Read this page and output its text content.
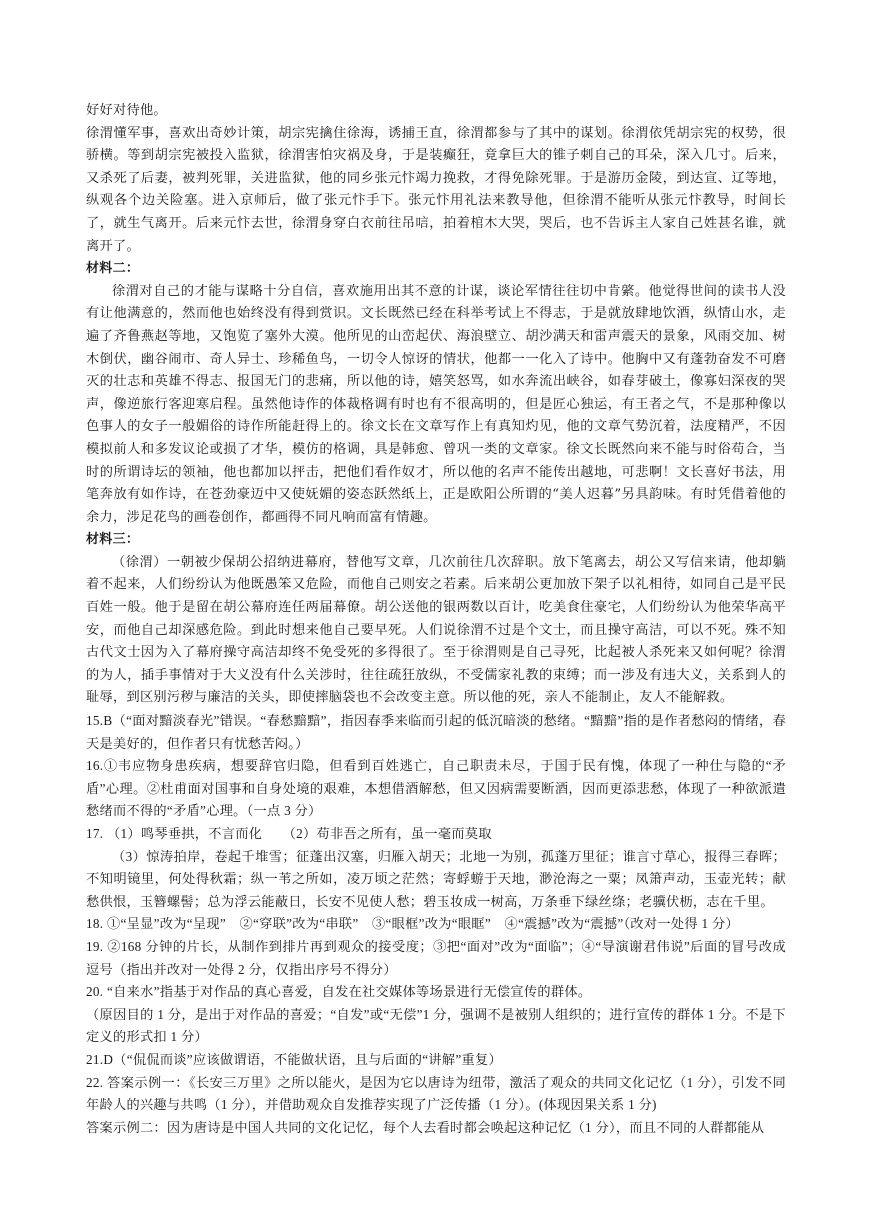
好好对待他。

徐渭懂军事，喜欢出奇妙计策，胡宗宪擒住徐海，诱捕王直，徐渭都参与了其中的谋划。徐渭依凭胡宗宪的权势，很骄横。等到胡宗宪被投入监狱，徐渭害怕灾祸及身，于是装癫狂，竟拿巨大的锥子刺自己的耳朵，深入几寸。后来，又杀死了后妻，被判死罪，关进监狱，他的同乡张元忭竭力挽救，才得免除死罪。于是游历金陵，到达宣、辽等地，纵观各个边关险塞。进入京师后，做了张元忭手下。张元忭用礼法来教导他，但徐渭不能听从张元忭教导，时间长了，就生气离开。后来元忭去世，徐渭身穿白衣前往吊唁，拍着棺木大哭，哭后，也不告诉主人家自己姓甚名谁，就离开了。

材料二：

徐渭对自己的才能与谋略十分自信，喜欢施用出其不意的计谋，谈论军情往往切中肯綮。他觉得世间的读书人没有让他满意的，然而他也始终没有得到赏识。文长既然已经在科举考试上不得志，于是就放肆地饮酒，纵情山水，走遍了齐鲁燕赵等地，又饱览了塞外大漠。他所见的山峦起伏、海浪壁立、胡沙满天和雷声震天的景象，风雨交加、树木倒伏，幽谷闹市、奇人异士、珍稀鱼鸟，一切令人惊讶的情状，他都一一化入了诗中。他胸中又有蓬勃奋发不可磨灭的壮志和英雄不得志、报国无门的悲痛，所以他的诗，嬉笑怒骂，如水奔流出峡谷，如春芽破土，像寡妇深夜的哭声，像逆旅行客迎寒启程。虽然他诗作的体裁格调有时也有不很高明的，但是匠心独运，有王者之气，不是那种像以色事人的女子一般媚俗的诗作所能赶得上的。徐文长在文章写作上有真知灼见，他的文章气势沉着，法度精严，不因模拟前人和多发议论或损了才华，模仿的格调，具是韩愈、曾巩一类的文章家。徐文长既然向来不能与时俗苟合，当时的所谓诗坛的领袖，他也都加以抨击，把他们看作奴才，所以他的名声不能传出越地，可悲啊！文长喜好书法，用笔奔放有如作诗，在苍劲豪迈中又使妩媚的姿态跃然纸上，正是欧阳公所谓的“美人迟暮”另具韵味。有时凭借着他的余力，涉足花鸟的画卷创作，都画得不同凡响而富有情趣。

材料三：

（徐渭）一朝被少保胡公招纳进幕府，替他写文章，几次前往几次辞职。放下笔离去，胡公又写信来请，他却躺着不起来，人们纷纷认为他既愚笨又危险，而他自己则安之若素。后来胡公更加放下架子以礼相待，如同自己是平民百姓一般。他于是留在胡公幕府连任两届幕僚。胡公送他的银两数以百计，吃美食住豪宅，人们纷纷认为他荣华高平安，而他自己却深感危险。到此时想来他自己要早死。人们说徐渭不过是个文士，而且操守高洁，可以不死。殊不知古代文士因为入了幕府操守高洁却终不免受死的多得很了。至于徐渭则是自己寻死，比起被人杀死来又如何呢？徐渭的为人，插手事情对于大义没有什么关涉时，往往疏狂放纵，不受儒家礼教的束缚；而一涉及有违大义，关系到人的耻辱，到区别污秽与廉洁的关头，即使摔脑袋也不会改变主意。所以他的死，亲人不能制止，友人不能解救。

15.B（“面对黯淡春光”错误。“春愁黯黯”，指因春季来临而引起的低沉暗淡的愁绪。“黯黯”指的是作者愁闷的情绪，春天是美好的，但作者只有忧愁苦闷。）

16.①韦应物身患疾病，想要辞官归隐，但看到百姓逃亡，自己职责未尽，于国于民有愧，体现了一种仕与隐的“矛盾”心理。②杜甫面对国事和自身处境的艰难，本想借酒解愁，但又因病需要断酒，因而更添悲愁，体现了一种欲派遣愁绪而不得的“矛盾”心理。（一点 3 分）

17. （1）鸣琴垂拱，不言而化　　（2）苟非吾之所有，虽一毫而莫取

（3）惊涛拍岸，卷起千堆雪；征蓬出汉塞，归雁入胡天；北地一为别，孤蓬万里征；谁言寸草心，报得三春晖；不知明镜里，何处得秋霜；纵一苇之所如，凌万顷之茫然；寄蜉蝣于天地，渺沧海之一粟；凤箫声动，玉壶光转；献愁供恨，玉簪螺髻；总为浮云能蔽日，长安不见使人愁；碧玉妆成一树高，万条垂下绿丝绦；老骥伏枥，志在千里。

18. ①“呈显”改为“呈现”　②“穿联”改为“串联”　③“眼框”改为“眼眶”　④“震撼”改为“震撼”（改对一处得 1 分）

19. ②168 分钟的片长，从制作到排片再到观众的接受度；③把“面对”改为“面临”；④“导演谢君伟说”后面的冒号改成逗号（指出并改对一处得 2 分，仅指出序号不得分）

20. “自来水”指基于对作品的真心喜爱，自发在社交媒体等场景进行无偿宣传的群体。

（原因目的 1 分，是出于对作品的喜爱；“自发”或“无偿”1 分，强调不是被别人组织的；进行宣传的群体 1 分。不是下定义的形式扣 1 分）

21.D（“侃侃而谈”应该做谓语，不能做状语，且与后面的“讲解”重复）

22. 答案示例一：《长安三万里》之所以能火，是因为它以唐诗为纽带，激活了观众的共同文化记忆（1 分），引发不同年龄人的兴趣与共鸣（1 分），并借助观众自发推荐实现了广泛传播（1 分）。(体现因果关系 1 分)

答案示例二：因为唐诗是中国人共同的文化记忆，每个人去看时都会唤起这种记忆（1 分），而且不同的人群都能从
